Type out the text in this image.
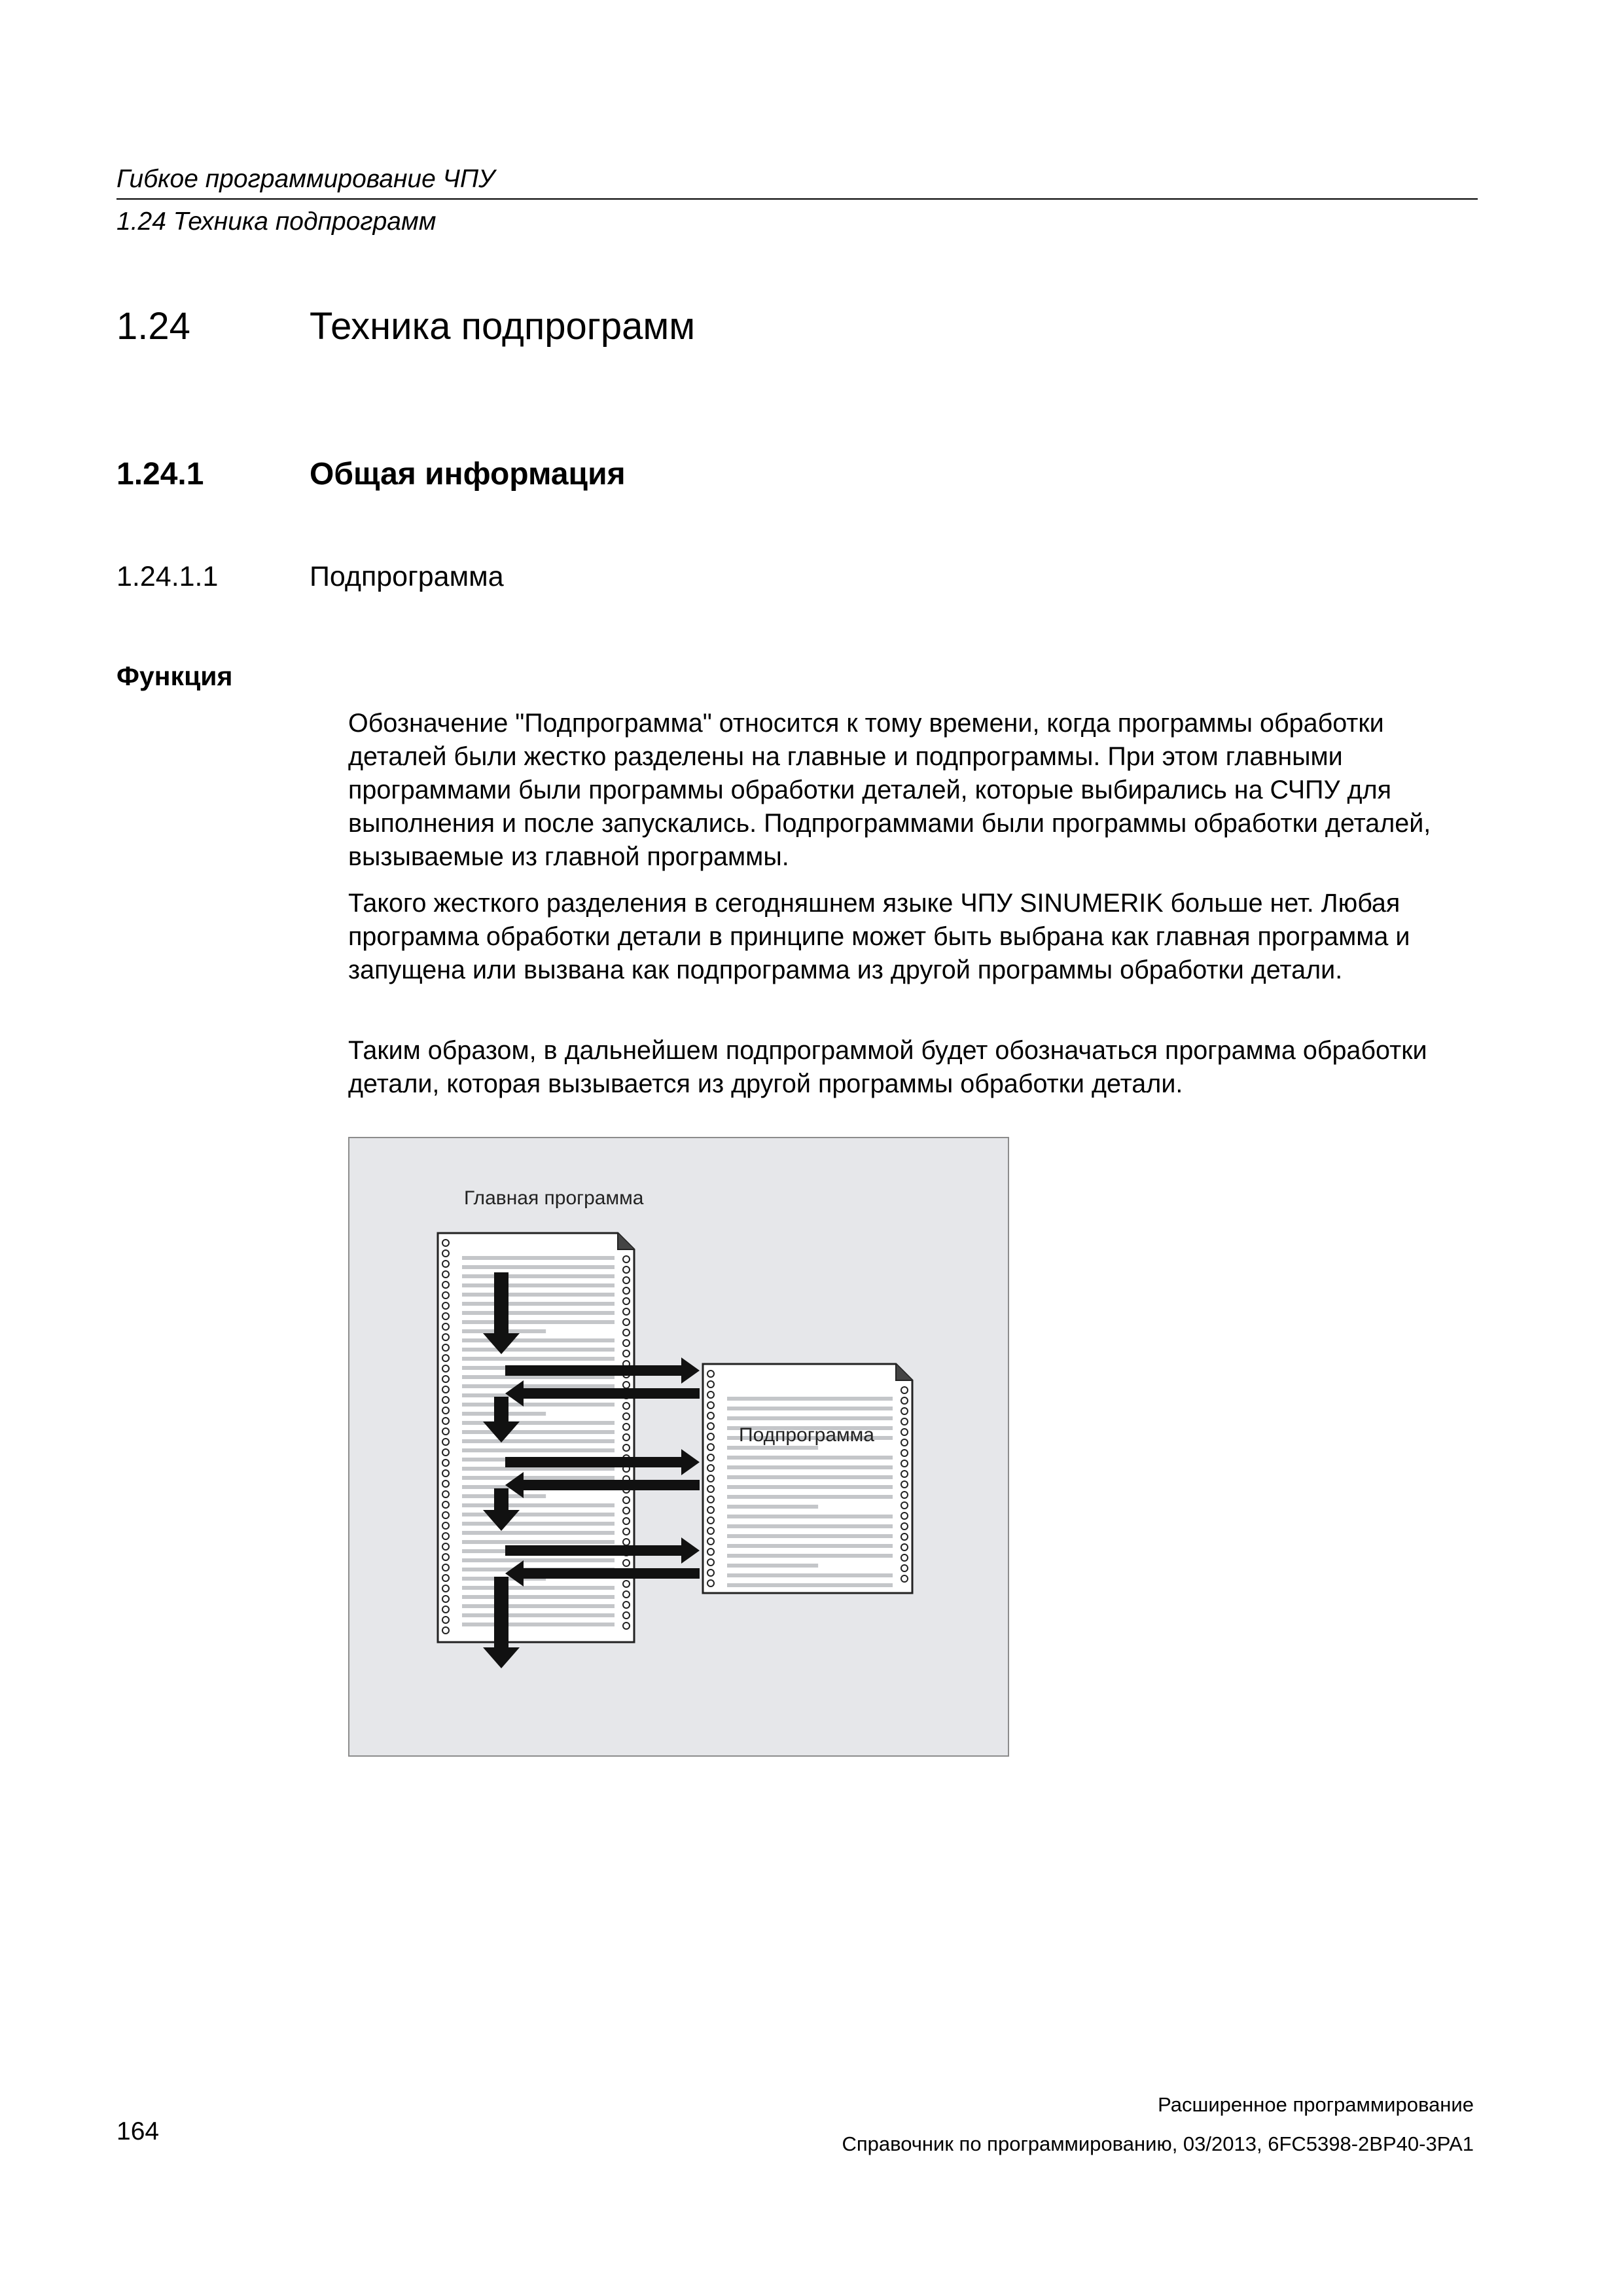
Гибкое программирование ЧПУ
1.24 Техника подпрограмм
1.24	Техника подпрограмм
1.24.1	Общая информация
1.24.1.1	Подпрограмма
Функция

Обозначение "Подпрограмма" относится к тому времени, когда программы обработки деталей были жестко разделены на главные и подпрограммы. При этом главными программами были программы обработки деталей, которые выбирались на СЧПУ для выполнения и после запускались. Подпрограммами были программы обработки деталей, вызываемые из главной программы.

Такого жесткого разделения в сегодняшнем языке ЧПУ SINUMERIK больше нет. Любая программа обработки детали в принципе может быть выбрана как главная программа и запущена или вызвана как подпрограмма из другой программы обработки детали.

Таким образом, в дальнейшем подпрограммой будет обозначаться программа обработки детали, которая вызывается из другой программы обработки детали.

Главная программа
Подпрограмма
Расширенное программирование
Справочник по программированию, 03/2013, 6FC5398-2BP40-3PA1
164
